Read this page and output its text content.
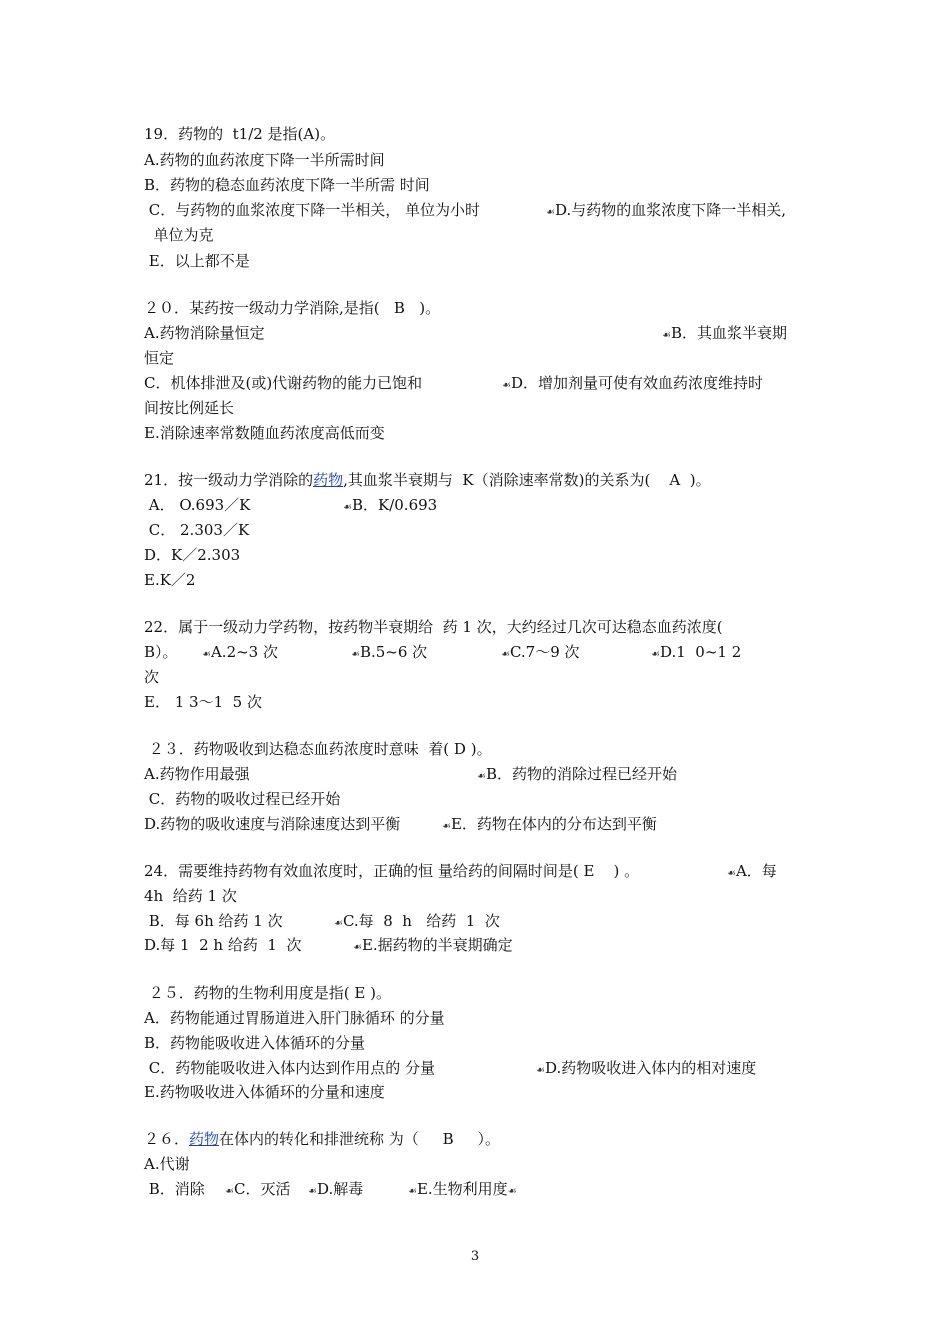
19．药物的  t1/2 是指(A)。
A.药物的血药浓度下降一半所需时间
B．药物的稳态血药浓度下降一半所需 时间
C．与药物的血浆浓度下降一半相关， 单位为小时	☙D.与药物的血浆浓度下降一半相关,
单位为克
E．以上都不是
２０．某药按一级动力学消除,是指(   B   )。
A.药物消除量恒定	☙B．其血浆半衰期
恒定
C．机体排泄及(或)代谢药物的能力已饱和	☙D．增加剂量可使有效血药浓度维持时
间按比例延长
E.消除速率常数随血药浓度高低而变
21．按一级动力学消除的药物,其血浆半衰期与  K（消除速率常数)的关系为(    A  )。
A． O.693／K	☙B．K/0.693
C． 2.303／K
D．K／2.303
E.K／2
22．属于一级动力学药物，按药物半衰期给  药 1 次，大约经过几次可达稳态血药浓度(
B）。 ☙A.2~3 次	☙B.5~6 次	☙C.7～9 次	☙D.1  0~1 2
次
E． 1 3～1  5 次
２３．药物吸收到达稳态血药浓度时意味  着( D )。
A.药物作用最强	☙B．药物的消除过程已经开始
C．药物的吸收过程已经开始
D.药物的吸收速度与消除速度达到平衡	☙E．药物在体内的分布达到平衡
24．需要维持药物有效血浓度时，正确的恒 量给药的间隔时间是( E    ) 。	☙A．每
4h  给药 1 次
B．每 6h 给药 1 次	☙C.每  8  h   给药  1  次
D.每 1  2 h 给药  1  次	☙E.据药物的半衰期确定
２５．药物的生物利用度是指( E )。
A．药物能通过胃肠道进入肝门脉循环 的分量
B．药物能吸收进入体循环的分量
C．药物能吸收进入体内达到作用点的 分量	☙D.药物吸收进入体内的相对速度
E.药物吸收进入体循环的分量和速度
２６．药物在体内的转化和排泄统称 为（     B     ）。
A.代谢
B．消除 ☙C．灭活 ☙D.解毒	☙E.生物利用度☙
3
